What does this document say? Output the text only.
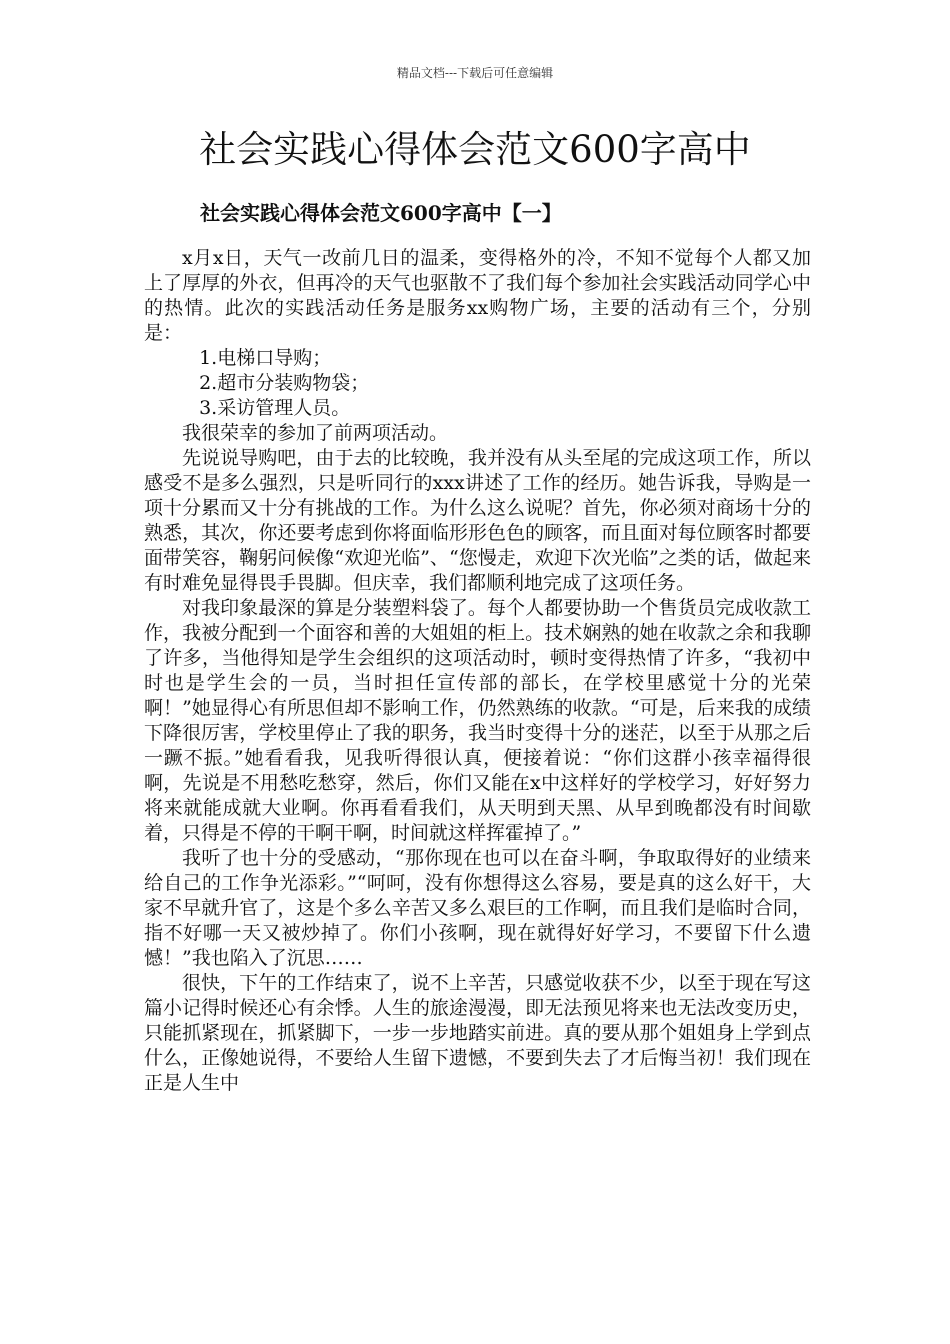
精品文档---下载后可任意编辑
社会实践心得体会范文600字高中
社会实践心得体会范文600字高中【一】

x月x日，天气一改前几日的温柔，变得格外的冷，不知不觉每个人都又加上了厚厚的外衣，但再冷的天气也驱散不了我们每个参加社会实践活动同学心中的热情。此次的实践活动任务是服务xx购物广场，主要的活动有三个，分别是：

1.电梯口导购；

2.超市分装购物袋；

3.采访管理人员。

我很荣幸的参加了前两项活动。

先说说导购吧，由于去的比较晚，我并没有从头至尾的完成这项工作，所以感受不是多么强烈，只是听同行的xxx讲述了工作的经历。她告诉我，导购是一项十分累而又十分有挑战的工作。为什么这么说呢？首先，你必须对商场十分的熟悉，其次，你还要考虑到你将面临形形色色的顾客，而且面对每位顾客时都要面带笑容，鞠躬问候像“欢迎光临”、“您慢走，欢迎下次光临”之类的话，做起来有时难免显得畏手畏脚。但庆幸，我们都顺利地完成了这项任务。

对我印象最深的算是分装塑料袋了。每个人都要协助一个售货员完成收款工作，我被分配到一个面容和善的大姐姐的柜上。技术娴熟的她在收款之余和我聊了许多，当他得知是学生会组织的这项活动时，顿时变得热情了许多，“我初中时也是学生会的一员，当时担任宣传部的部长，在学校里感觉十分的光荣啊！”她显得心有所思但却不影响工作，仍然熟练的收款。“可是，后来我的成绩下降很厉害，学校里停止了我的职务，我当时变得十分的迷茫，以至于从那之后一蹶不振。”她看看我，见我听得很认真，便接着说：“你们这群小孩幸福得很啊，先说是不用愁吃愁穿，然后，你们又能在x中这样好的学校学习，好好努力将来就能成就大业啊。你再看看我们，从天明到天黑、从早到晚都没有时间歇着，只得是不停的干啊干啊，时间就这样挥霍掉了。”

我听了也十分的受感动，“那你现在也可以在奋斗啊，争取取得好的业绩来给自己的工作争光添彩。”“呵呵，没有你想得这么容易，要是真的这么好干，大家不早就升官了，这是个多么辛苦又多么艰巨的工作啊，而且我们是临时合同，指不好哪一天又被炒掉了。你们小孩啊，现在就得好好学习，不要留下什么遗憾！”我也陷入了沉思……

很快，下午的工作结束了，说不上辛苦，只感觉收获不少，以至于现在写这篇小记得时候还心有余悸。人生的旅途漫漫，即无法预见将来也无法改变历史，只能抓紧现在，抓紧脚下，一步一步地踏实前进。真的要从那个姐姐身上学到点什么，正像她说得，不要给人生留下遗憾，不要到失去了才后悔当初！我们现在正是人生中
